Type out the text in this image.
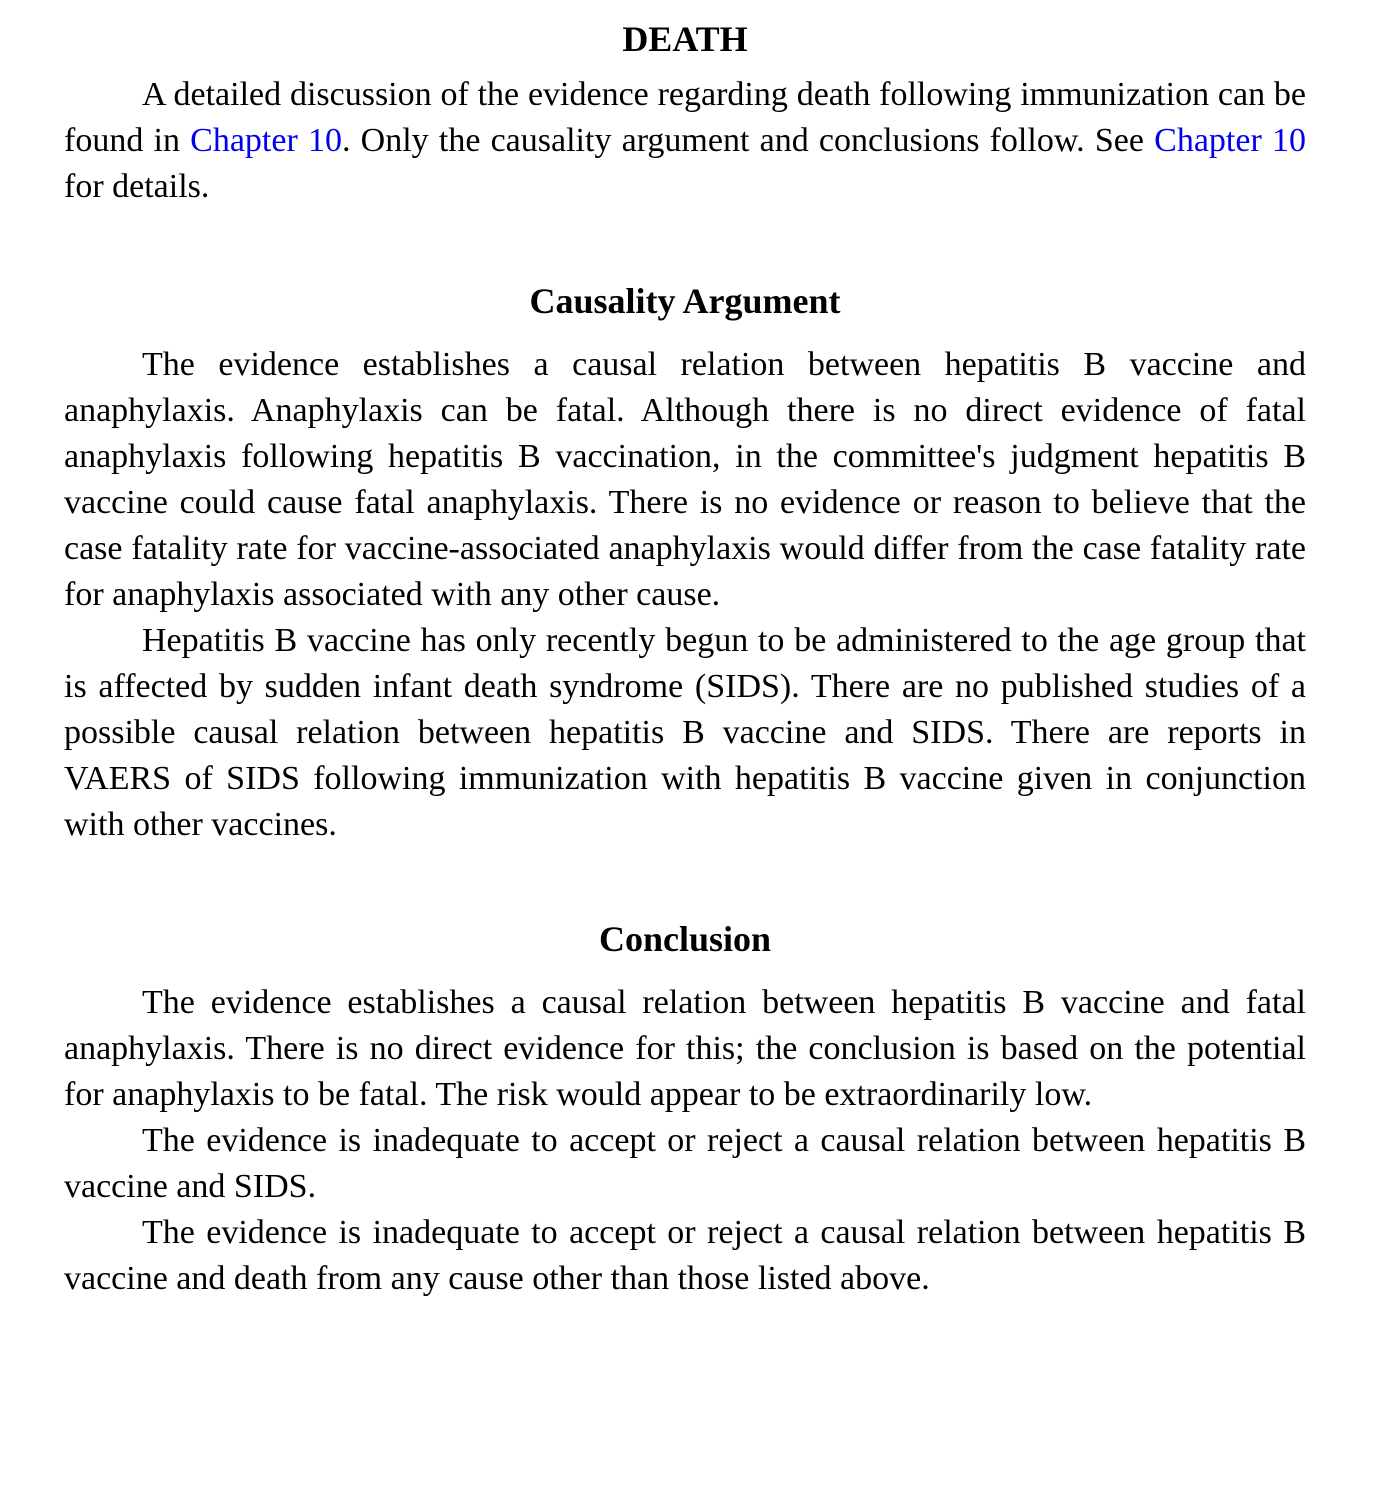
DEATH

A detailed discussion of the evidence regarding death following immunization can be found in Chapter 10. Only the causality argument and conclusions follow. See Chapter 10 for details.

Causality Argument

The evidence establishes a causal relation between hepatitis B vaccine and anaphylaxis. Anaphylaxis can be fatal. Although there is no direct evidence of fatal anaphylaxis following hepatitis B vaccination, in the committee's judgment hepatitis B vaccine could cause fatal anaphylaxis. There is no evidence or reason to believe that the case fatality rate for vaccine-associated anaphylaxis would differ from the case fatality rate for anaphylaxis associated with any other cause.

Hepatitis B vaccine has only recently begun to be administered to the age group that is affected by sudden infant death syndrome (SIDS). There are no published studies of a possible causal relation between hepatitis B vaccine and SIDS. There are reports in VAERS of SIDS following immunization with hepatitis B vaccine given in conjunction with other vaccines.

Conclusion

The evidence establishes a causal relation between hepatitis B vaccine and fatal anaphylaxis. There is no direct evidence for this; the conclusion is based on the potential for anaphylaxis to be fatal. The risk would appear to be extraordinarily low.

The evidence is inadequate to accept or reject a causal relation between hepatitis B vaccine and SIDS.

The evidence is inadequate to accept or reject a causal relation between hepatitis B vaccine and death from any cause other than those listed above.
